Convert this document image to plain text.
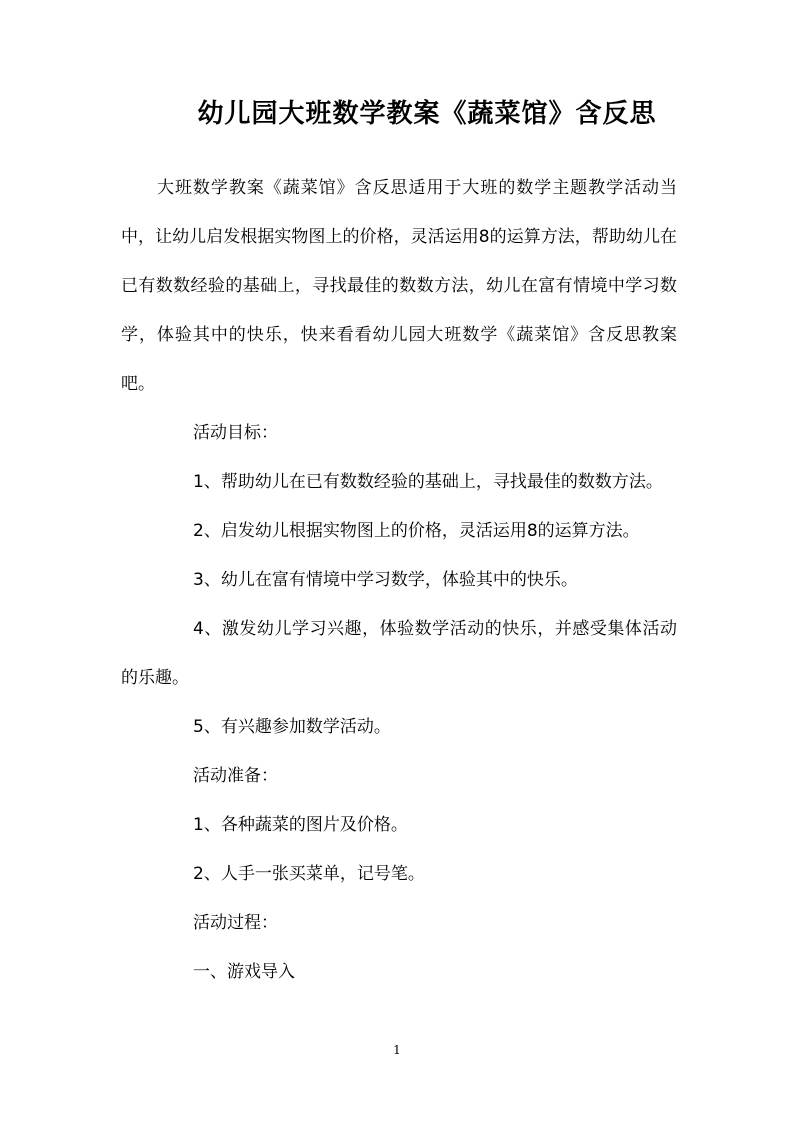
幼儿园大班数学教案《蔬菜馆》含反思

大班数学教案《蔬菜馆》含反思适用于大班的数学主题教学活动当中，让幼儿启发根据实物图上的价格，灵活运用8的运算方法，帮助幼儿在已有数数经验的基础上，寻找最佳的数数方法，幼儿在富有情境中学习数学，体验其中的快乐，快来看看幼儿园大班数学《蔬菜馆》含反思教案吧。

活动目标：

1、帮助幼儿在已有数数经验的基础上，寻找最佳的数数方法。

2、启发幼儿根据实物图上的价格，灵活运用8的运算方法。

3、幼儿在富有情境中学习数学，体验其中的快乐。

4、激发幼儿学习兴趣，体验数学活动的快乐，并感受集体活动的乐趣。

5、有兴趣参加数学活动。

活动准备：

1、各种蔬菜的图片及价格。

2、人手一张买菜单，记号笔。

活动过程：

一、游戏导入

1
